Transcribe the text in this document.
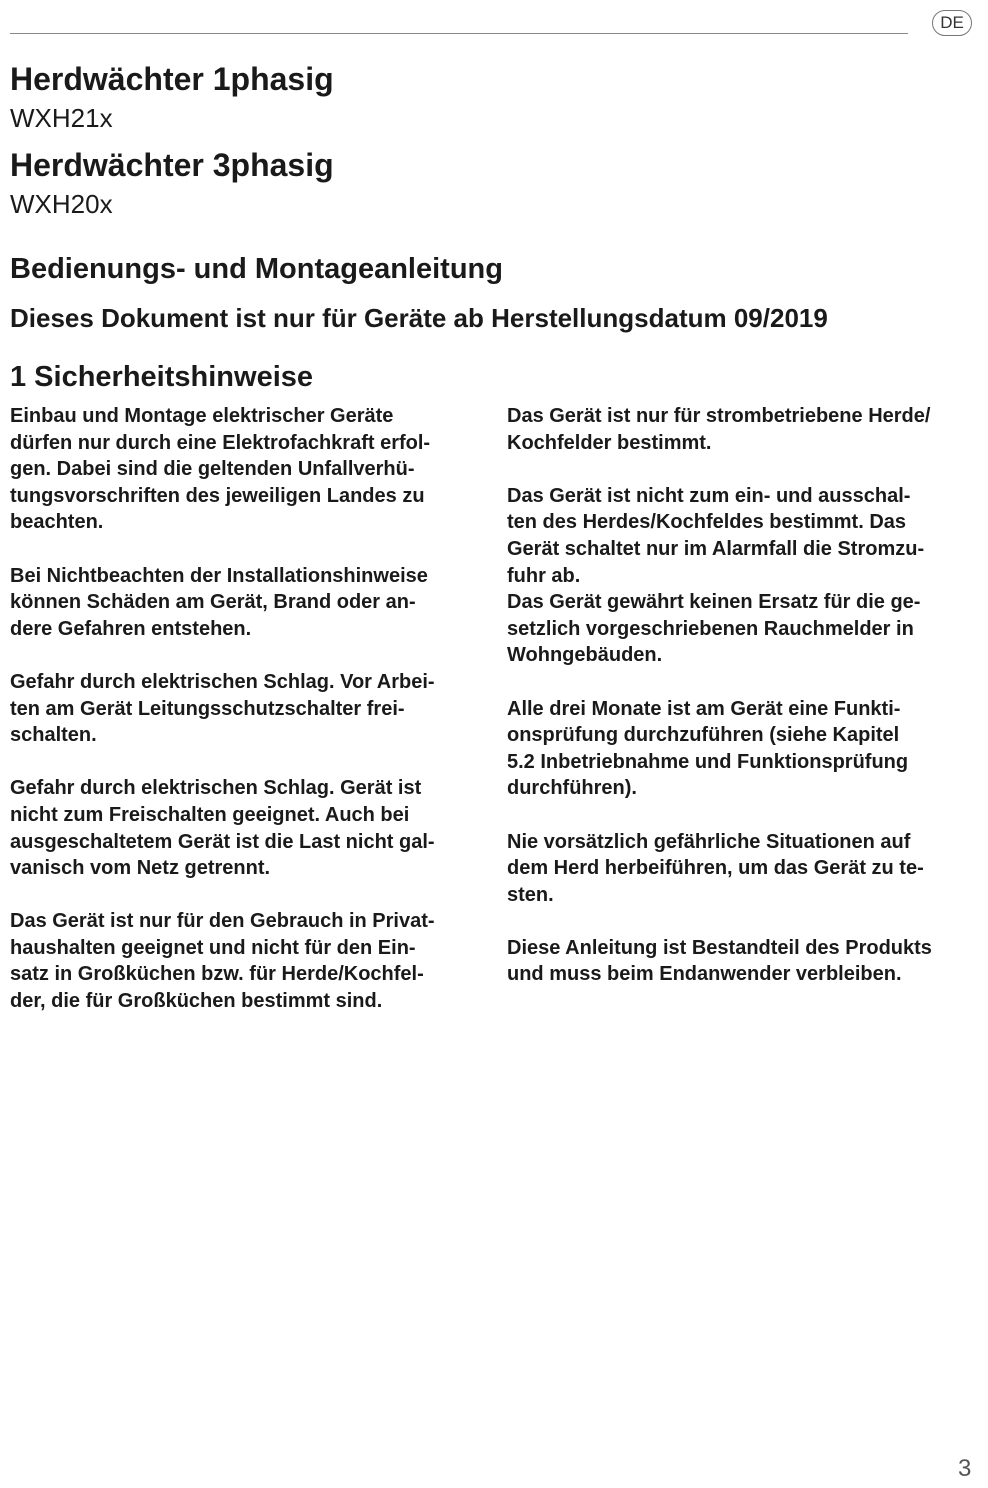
DE
Herdwächter 1phasig
WXH21x
Herdwächter 3phasig
WXH20x
Bedienungs- und Montageanleitung
Dieses Dokument ist nur für Geräte ab Herstellungsdatum 09/2019
1 Sicherheitshinweise

Einbau und Montage elektrischer Geräte
dürfen nur durch eine Elektrofachkraft erfol-
gen. Dabei sind die geltenden Unfallverhü-
tungsvorschriften des jeweiligen Landes zu
beachten.

Bei Nichtbeachten der Installationshinweise
können Schäden am Gerät, Brand oder an-
dere Gefahren entstehen.

Gefahr durch elektrischen Schlag. Vor Arbei-
ten am Gerät Leitungsschutzschalter frei-
schalten.

Gefahr durch elektrischen Schlag. Gerät ist
nicht zum Freischalten geeignet. Auch bei
ausgeschaltetem Gerät ist die Last nicht gal-
vanisch vom Netz getrennt.

Das Gerät ist nur für den Gebrauch in Privat-
haushalten geeignet und nicht für den Ein-
satz in Großküchen bzw. für Herde/Kochfel-
der, die für Großküchen bestimmt sind.

Das Gerät ist nur für strombetriebene Herde/
Kochfelder bestimmt.

Das Gerät ist nicht zum ein- und ausschal-
ten des Herdes/Kochfeldes bestimmt. Das
Gerät schaltet nur im Alarmfall die Stromzu-
fuhr ab.

Das Gerät gewährt keinen Ersatz für die ge-
setzlich vorgeschriebenen Rauchmelder in
Wohngebäuden.

Alle drei Monate ist am Gerät eine Funkti-
onsprüfung durchzuführen (siehe Kapitel
5.2 Inbetriebnahme und Funktionsprüfung
durchführen).

Nie vorsätzlich gefährliche Situationen auf
dem Herd herbeiführen, um das Gerät zu te-
sten.

Diese Anleitung ist Bestandteil des Produkts
und muss beim Endanwender verbleiben.

3
